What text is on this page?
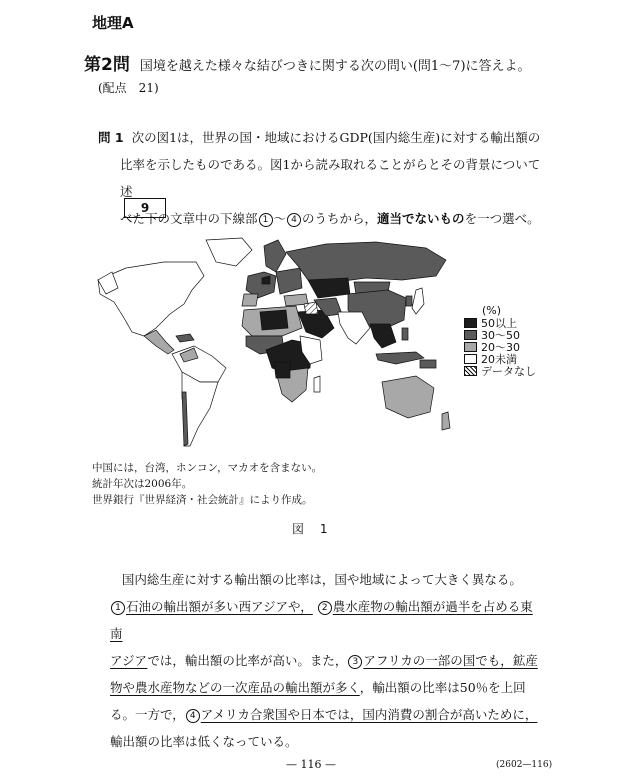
地理A
第2問 国境を越えた様々な結びつきに関する次の問い(問1～7)に答えよ。
(配点　21)
問 1 次の図1は，世界の国・地域におけるGDP(国内総生産)に対する輸出額の
比率を示したものである。図1から読み取れることがらとその背景について述
べた下の文章中の下線部 1 ～ 4 のうちから，適当でないものを一つ選べ。
9
(%)
50以上
30～50
20～30
20未満
データなし
中国には，台湾，ホンコン，マカオを含まない。
統計年次は2006年。
世界銀行『世界経済・社会統計』により作成。
図 1
国内総生産に対する輸出額の比率は，国や地域によって大きく異なる。
1 石油の輸出額が多い西アジアや， 2 農水産物の輸出額が過半を占める東南
アジアでは，輸出額の比率が高い。また， 3 アフリカの一部の国でも，鉱産
物や農水産物などの一次産品の輸出額が多く，輸出額の比率は50％を上回
る。一方で， 4 アメリカ合衆国や日本では，国内消費の割合が高いために，
輸出額の比率は低くなっている。
— 116 —	(2602—116)
